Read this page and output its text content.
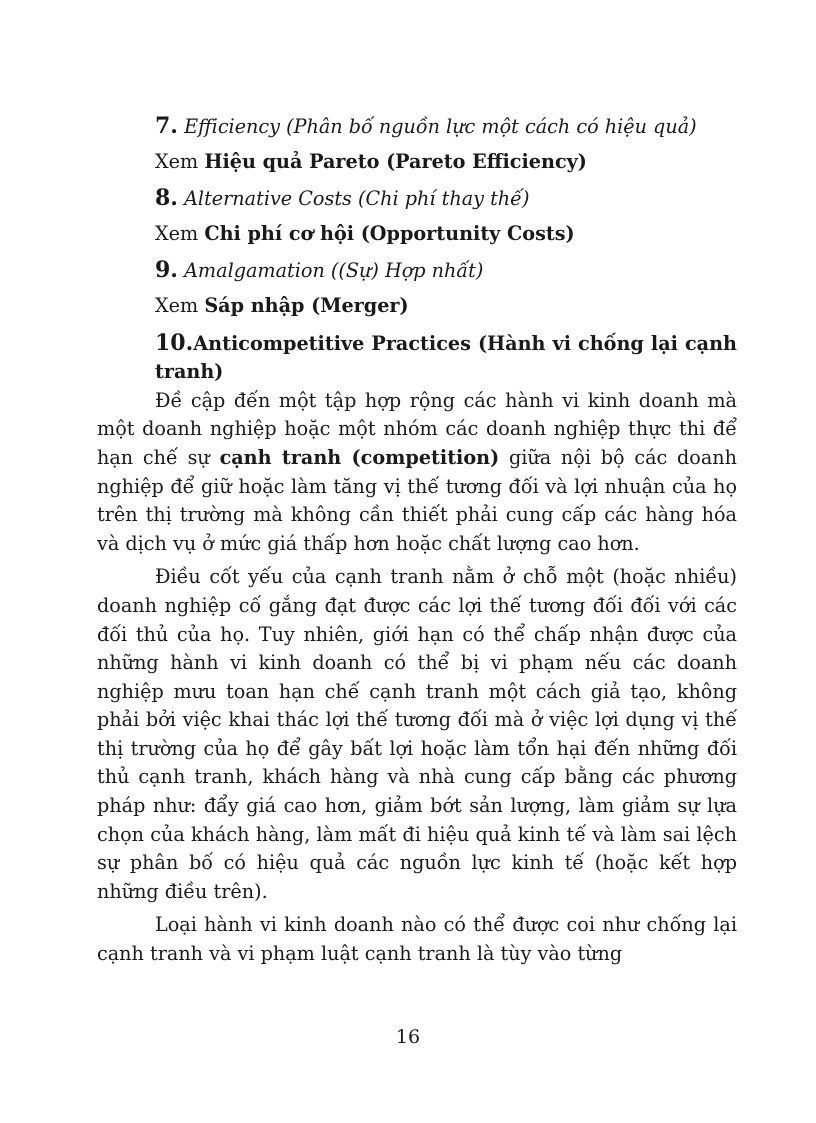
7. Efficiency (Phân bố nguồn lực một cách có hiệu quả)

Xem Hiệu quả Pareto (Pareto Efficiency)

8. Alternative Costs (Chi phí thay thế)

Xem Chi phí cơ hội (Opportunity Costs)

9. Amalgamation ((Sự) Hợp nhất)

Xem Sáp nhập (Merger)

10.Anticompetitive Practices (Hành vi chống lại cạnh tranh)

Đề cập đến một tập hợp rộng các hành vi kinh doanh mà một doanh nghiệp hoặc một nhóm các doanh nghiệp thực thi để hạn chế sự cạnh tranh (competition) giữa nội bộ các doanh nghiệp để giữ hoặc làm tăng vị thế tương đối và lợi nhuận của họ trên thị trường mà không cần thiết phải cung cấp các hàng hóa và dịch vụ ở mức giá thấp hơn hoặc chất lượng cao hơn.

Điều cốt yếu của cạnh tranh nằm ở chỗ một (hoặc nhiều) doanh nghiệp cố gắng đạt được các lợi thế tương đối đối với các đối thủ của họ. Tuy nhiên, giới hạn có thể chấp nhận được của những hành vi kinh doanh có thể bị vi phạm nếu các doanh nghiệp mưu toan hạn chế cạnh tranh một cách giả tạo, không phải bởi việc khai thác lợi thế tương đối mà ở việc lợi dụng vị thế thị trường của họ để gây bất lợi hoặc làm tổn hại đến những đối thủ cạnh tranh, khách hàng và nhà cung cấp bằng các phương pháp như: đẩy giá cao hơn, giảm bớt sản lượng, làm giảm sự lựa chọn của khách hàng, làm mất đi hiệu quả kinh tế và làm sai lệch sự phân bố có hiệu quả các nguồn lực kinh tế (hoặc kết hợp những điều trên).

Loại hành vi kinh doanh nào có thể được coi như chống lại cạnh tranh và vi phạm luật cạnh tranh là tùy vào từng

16
